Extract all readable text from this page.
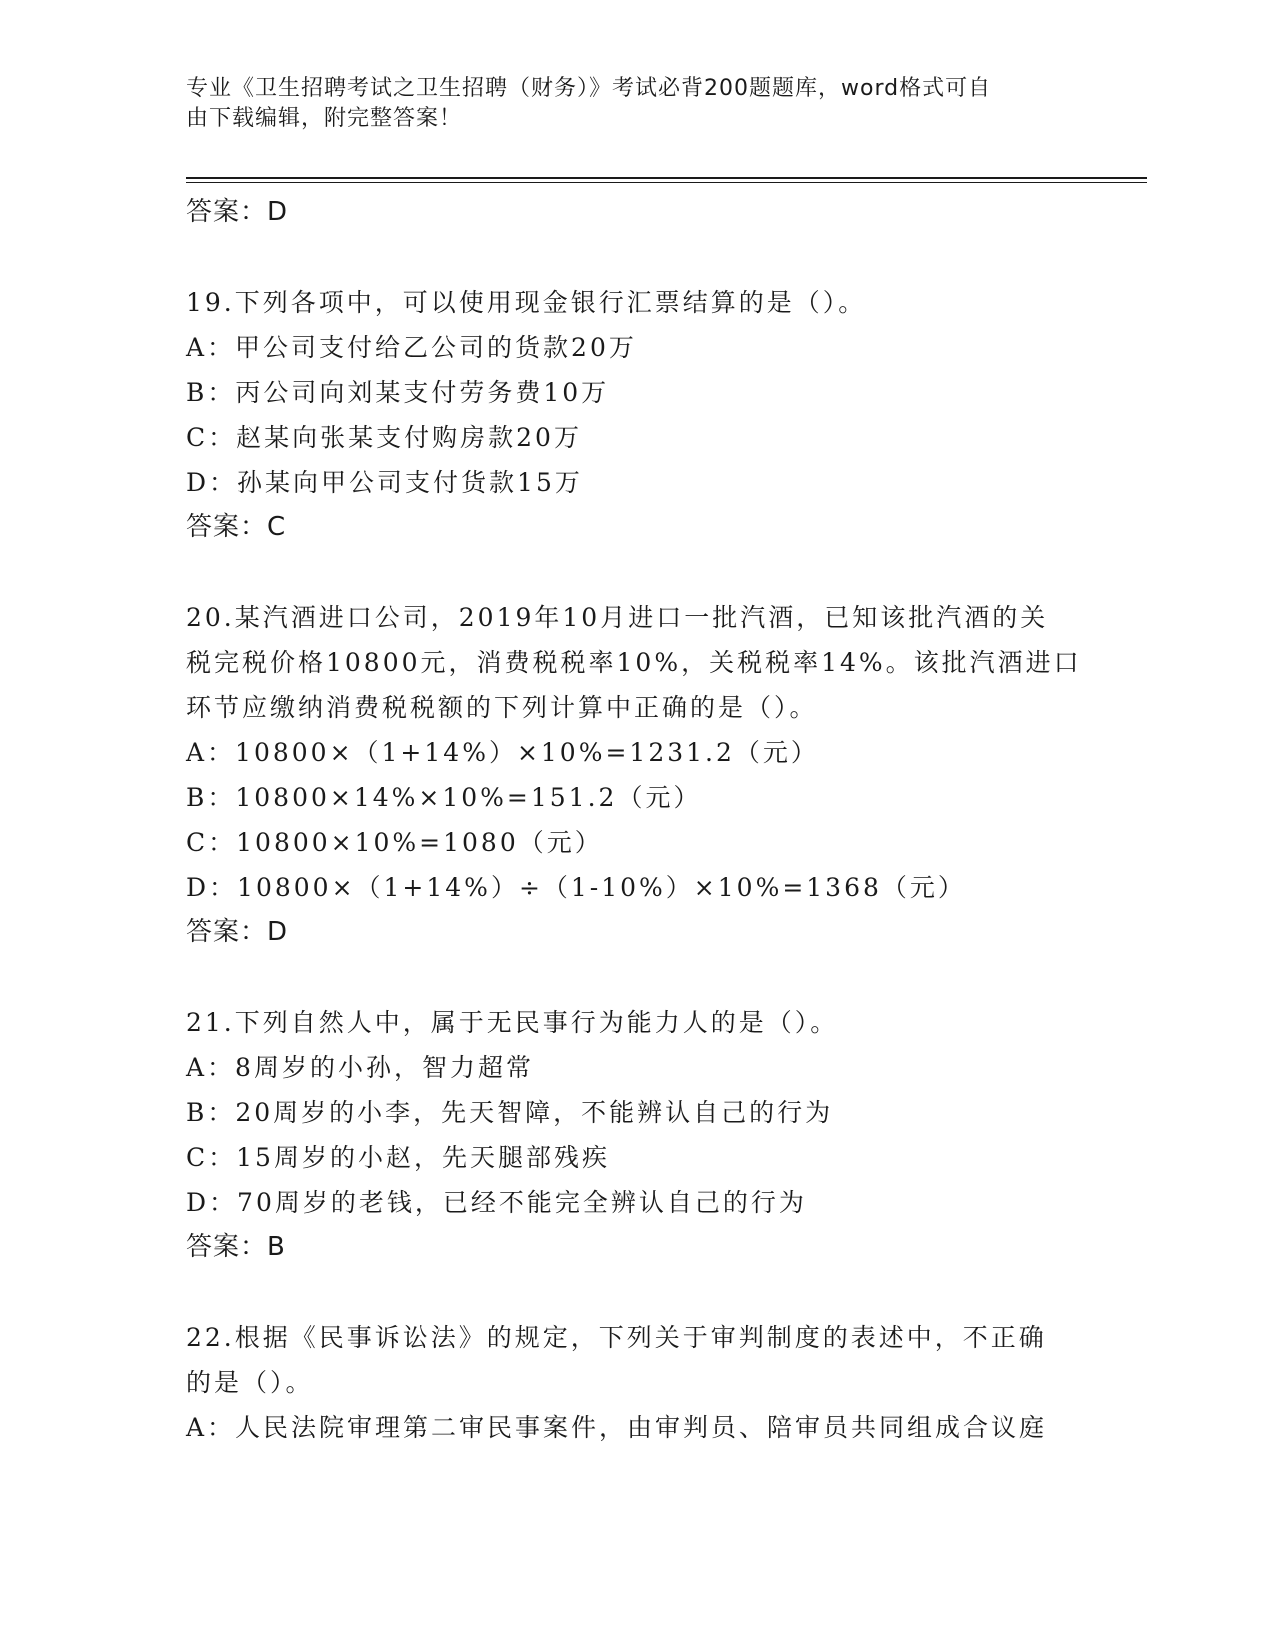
专业《卫生招聘考试之卫生招聘（财务）》考试必背200题题库，word格式可自
由下载编辑，附完整答案！

答案：D

19.下列各项中，可以使用现金银行汇票结算的是（）。

A：甲公司支付给乙公司的货款20万

B：丙公司向刘某支付劳务费10万

C：赵某向张某支付购房款20万

D：孙某向甲公司支付货款15万

答案：C

20.某汽酒进口公司，2019年10月进口一批汽酒，已知该批汽酒的关

税完税价格10800元，消费税税率10%，关税税率14%。该批汽酒进口

环节应缴纳消费税税额的下列计算中正确的是（）。

A：10800×（1+14%）×10%=1231.2（元）

B：10800×14%×10%=151.2（元）

C：10800×10%=1080（元）

D：10800×（1+14%）÷（1-10%）×10%=1368（元）

答案：D

21.下列自然人中，属于无民事行为能力人的是（）。

A：8周岁的小孙，智力超常

B：20周岁的小李，先天智障，不能辨认自己的行为

C：15周岁的小赵，先天腿部残疾

D：70周岁的老钱，已经不能完全辨认自己的行为

答案：B

22.根据《民事诉讼法》的规定，下列关于审判制度的表述中，不正确

的是（）。

A：人民法院审理第二审民事案件，由审判员、陪审员共同组成合议庭
